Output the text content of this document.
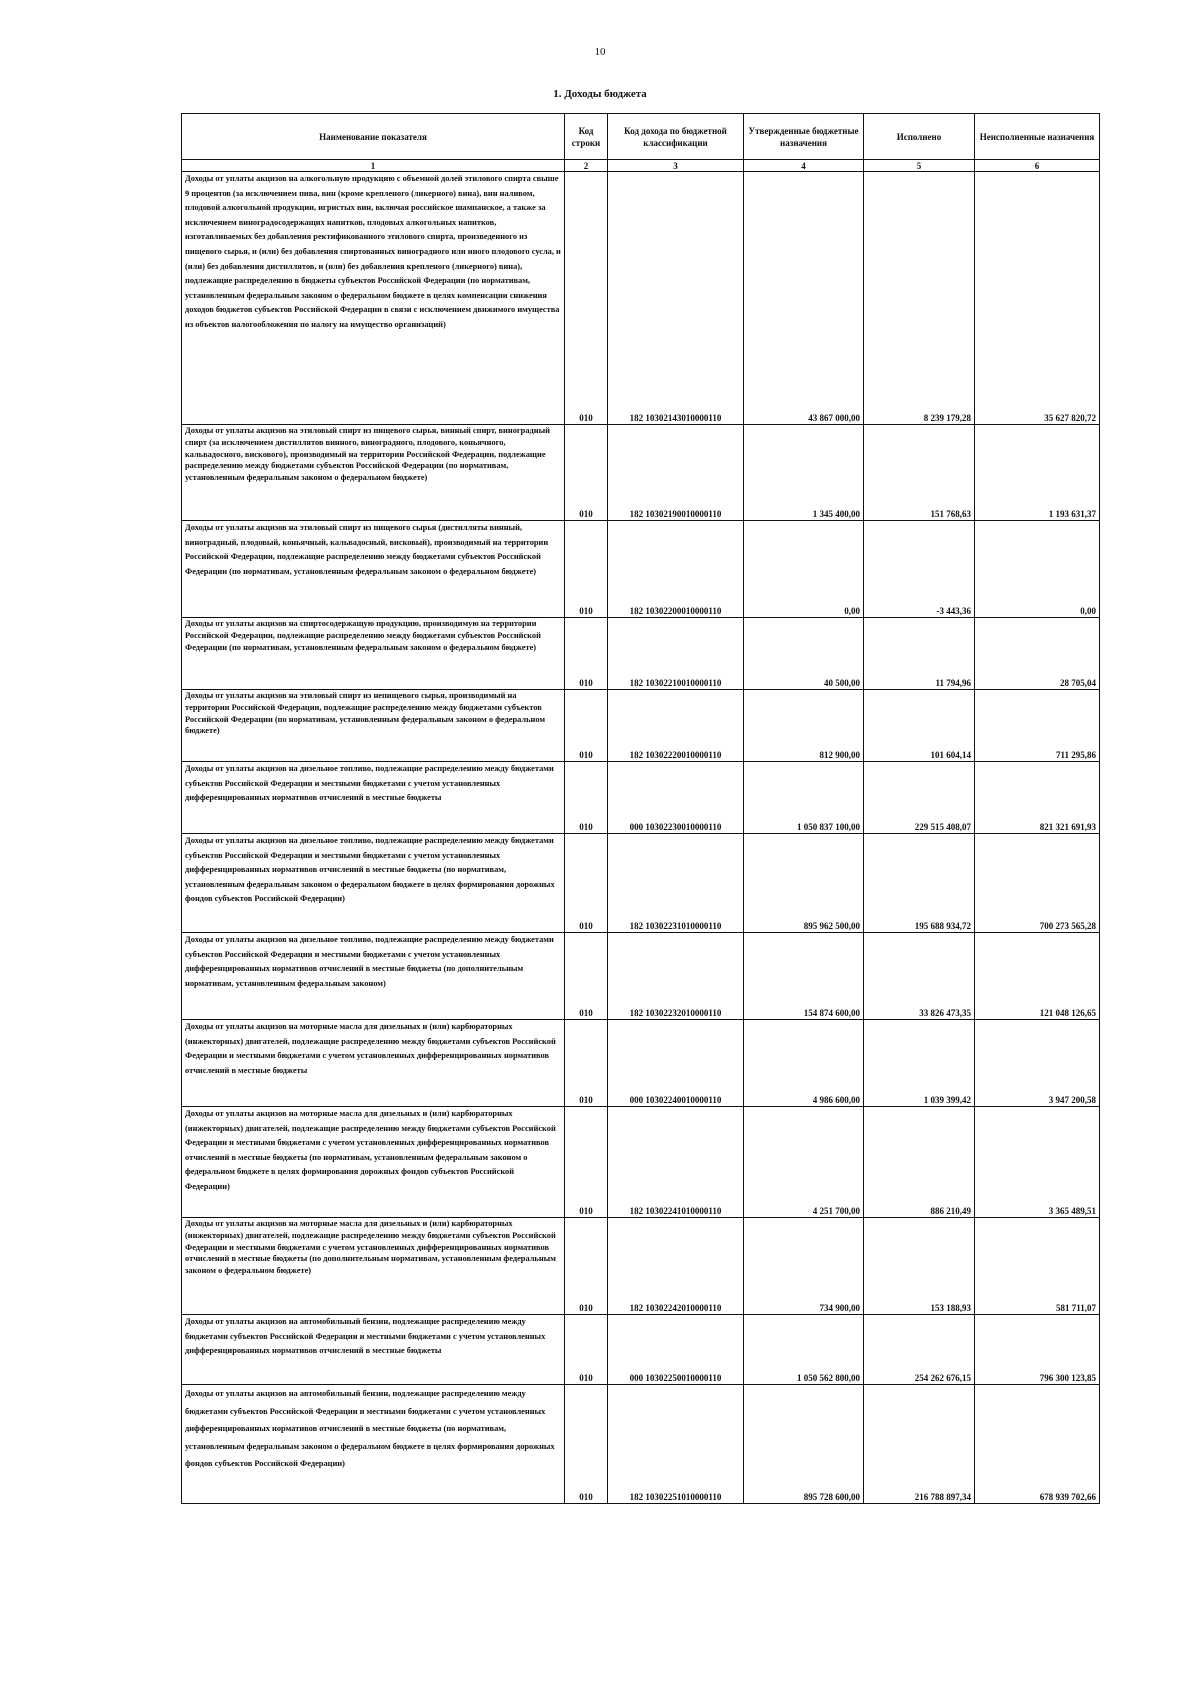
10
1. Доходы бюджета
Наименование показателя	Код строки	Код дохода по бюджетной классификации	Утвержденные бюджетные назначения	Исполнено	Неисполненные назначения
1	2	3	4	5	6
Доходы от уплаты акцизов на алкогольную продукцию с объемной долей этилового спирта свыше 9 процентов (за исключением пива, вин (кроме крепленого (ликерного) вина), вин наливом, плодовой алкогольной продукции, игристых вин, включая российское шампанское, а также за исключением виноградосодержащих напитков, плодовых алкогольных напитков, изготавливаемых без добавления ректификованного этилового спирта, произведенного из пищевого сырья, и (или) без добавления спиртованных виноградного или иного плодового сусла, и (или) без добавления дистиллятов, и (или) без добавления крепленого (ликерного) вина), подлежащие распределению в бюджеты субъектов Российской Федерации (по нормативам, установленным федеральным законом о федеральном бюджете в целях компенсации снижения доходов бюджетов субъектов Российской Федерации в связи с исключением движимого имущества из объектов налогообложения по налогу на имущество организаций)	010	182 10302143010000110	43 867 000,00	8 239 179,28	35 627 820,72
Доходы от уплаты акцизов на этиловый спирт из пищевого сырья, винный спирт, виноградный спирт (за исключением дистиллятов винного, виноградного, плодового, коньячного, кальвадосного, вискового), производимый на территории Российской Федерации, подлежащие распределению между бюджетами субъектов Российской Федерации (по нормативам, установленным федеральным законом о федеральном бюджете)	010	182 10302190010000110	1 345 400,00	151 768,63	1 193 631,37
Доходы от уплаты акцизов на этиловый спирт из пищевого сырья (дистилляты винный, виноградный, плодовый, коньячный, кальвадосный, висковый), производимый на территории Российской Федерации, подлежащие распределению между бюджетами субъектов Российской Федерации (по нормативам, установленным федеральным законом о федеральном бюджете)	010	182 10302200010000110	0,00	-3 443,36	0,00
Доходы от уплаты акцизов на спиртосодержащую продукцию, производимую на территории Российской Федерации, подлежащие распределению между бюджетами субъектов Российской Федерации (по нормативам, установленным федеральным законом о федеральном бюджете)	010	182 10302210010000110	40 500,00	11 794,96	28 705,04
Доходы от уплаты акцизов на этиловый спирт из непищевого сырья, производимый на территории Российской Федерации, подлежащие распределению между бюджетами субъектов Российской Федерации (по нормативам, установленным федеральным законом о федеральном бюджете)	010	182 10302220010000110	812 900,00	101 604,14	711 295,86
Доходы от уплаты акцизов на дизельное топливо, подлежащие распределению между бюджетами субъектов Российской Федерации и местными бюджетами с учетом установленных дифференцированных нормативов отчислений в местные бюджеты	010	000 10302230010000110	1 050 837 100,00	229 515 408,07	821 321 691,93
Доходы от уплаты акцизов на дизельное топливо, подлежащие распределению между бюджетами субъектов Российской Федерации и местными бюджетами с учетом установленных дифференцированных нормативов отчислений в местные бюджеты (по нормативам, установленным федеральным законом о федеральном бюджете в целях формирования дорожных фондов субъектов Российской Федерации)	010	182 10302231010000110	895 962 500,00	195 688 934,72	700 273 565,28
Доходы от уплаты акцизов на дизельное топливо, подлежащие распределению между бюджетами субъектов Российской Федерации и местными бюджетами с учетом установленных дифференцированных нормативов отчислений в местные бюджеты (по дополнительным нормативам, установленным федеральным законом)	010	182 10302232010000110	154 874 600,00	33 826 473,35	121 048 126,65
Доходы от уплаты акцизов на моторные масла для дизельных и (или) карбюраторных (инжекторных) двигателей, подлежащие распределению между бюджетами субъектов Российской Федерации и местными бюджетами с учетом установленных дифференцированных нормативов отчислений в местные бюджеты	010	000 10302240010000110	4 986 600,00	1 039 399,42	3 947 200,58
Доходы от уплаты акцизов на моторные масла для дизельных и (или) карбюраторных (инжекторных) двигателей, подлежащие распределению между бюджетами субъектов Российской Федерации и местными бюджетами с учетом установленных дифференцированных нормативов отчислений в местные бюджеты (по нормативам, установленным федеральным законом о федеральном бюджете в целях формирования дорожных фондов субъектов Российской Федерации)	010	182 10302241010000110	4 251 700,00	886 210,49	3 365 489,51
Доходы от уплаты акцизов на моторные масла для дизельных и (или) карбюраторных (инжекторных) двигателей, подлежащие распределению между бюджетами субъектов Российской Федерации и местными бюджетами с учетом установленных дифференцированных нормативов отчислений в местные бюджеты (по дополнительным нормативам, установленным федеральным законом о федеральном бюджете)	010	182 10302242010000110	734 900,00	153 188,93	581 711,07
Доходы от уплаты акцизов на автомобильный бензин, подлежащие распределению между бюджетами субъектов Российской Федерации и местными бюджетами с учетом установленных дифференцированных нормативов отчислений в местные бюджеты	010	000 10302250010000110	1 050 562 800,00	254 262 676,15	796 300 123,85
Доходы от уплаты акцизов на автомобильный бензин, подлежащие распределению между бюджетами субъектов Российской Федерации и местными бюджетами с учетом установленных дифференцированных нормативов отчислений в местные бюджеты (по нормативам, установленным федеральным законом о федеральном бюджете в целях формирования дорожных фондов субъектов Российской Федерации)	010	182 10302251010000110	895 728 600,00	216 788 897,34	678 939 702,66
